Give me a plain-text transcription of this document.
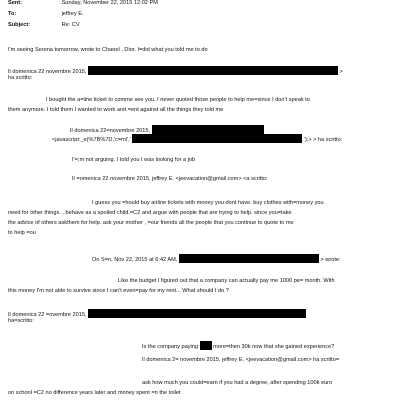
Sent:	Sunday, November 22, 2015 12:02 PM
To:	jeffrey E.
Subject:	Re: CV
I'm seeing Serena tomorrow, wrote to Chanel , Dior. I=did what you told me to do
Il domenica 22 novembre 2015,	>
ha scritto:
I bought the a=line ticket to comme see you. I never quoted those people to help me=since I don't speak to
them anymore. I told them I wanted to work and =ent against all the things they told me
Il domenica 22=novembre 2015,
<javascript:_e(%7B%7D,'c=ml','	');> > ha scritto:
I'=;m not arguing. I told you I was looking for a job
Il =omenica 22 novembre 2015, jeffrey E. <jeevacation@gmail.com> <a scritto:
I guess you =hould buy airline tickets with money you dont have. buy clothes with=money you
need for other things. , behave as a spoiled child.=C2 and argue with people that are trying to help. since you=take
the advice of others askthem for help. ask your mother , =our friends all the people that you continue to quote to me
to help =ou
On S=n, Nov 22, 2015 at 6:42 AM,	> wrote:
Like the budget I figured out that a company can actually pay me 1000 pe= month. With
this money I'm not able to survive since I can't even=pay for my rent... What should I do ?
Il domenica 22 =ovembre 2015,
ha=scritto:
Is the company paying	more=then 30k now that she gained experience?
Il domenica 2= novembre 2015, jeffrey E. <jeevacation@gmail.com> ha scritto=
ask how much you could=earn if you had a degree, after spending 100k euro
on school =C2 no difference years later and money spent =n the toilet
